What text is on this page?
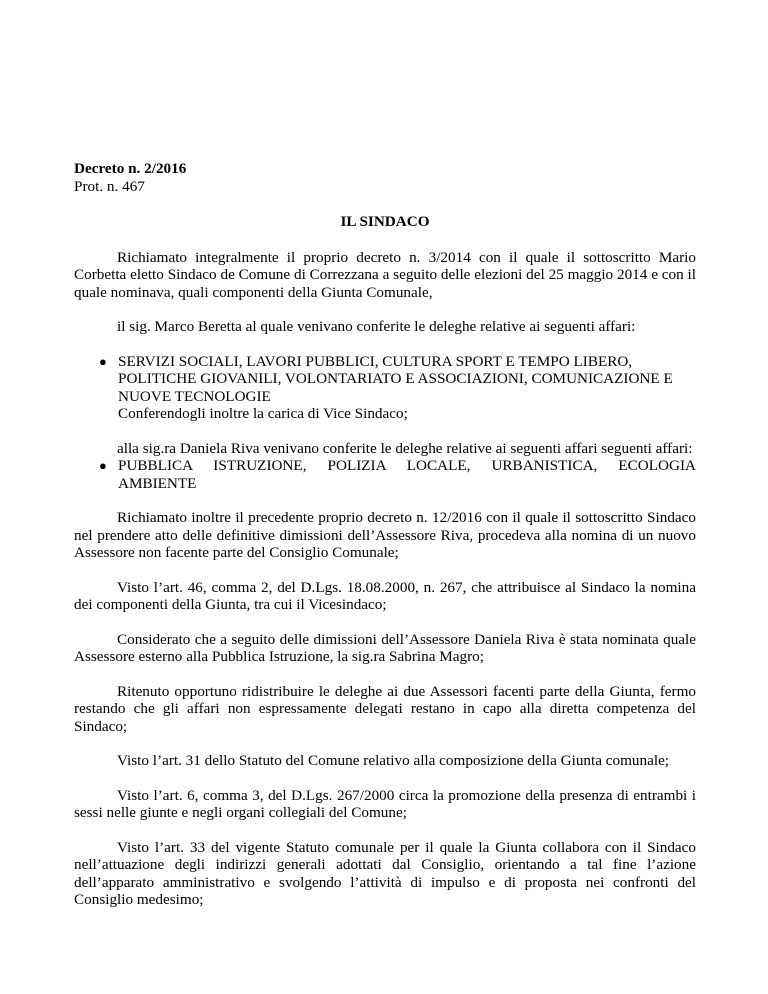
Decreto n. 2/2016
Prot. n. 467
IL SINDACO

Richiamato integralmente il proprio decreto n. 3/2014 con il quale il sottoscritto Mario Corbetta eletto Sindaco de Comune di Correzzana a seguito delle elezioni del 25 maggio 2014 e con il quale nominava, quali componenti della Giunta Comunale,

il sig. Marco Beretta al quale venivano conferite le deleghe relative ai seguenti affari:

● SERVIZI SOCIALI, LAVORI PUBBLICI, CULTURA SPORT E TEMPO LIBERO,
POLITICHE GIOVANILI, VOLONTARIATO E ASSOCIAZIONI, COMUNICAZIONE E
NUOVE TECNOLOGIE
Conferendogli inoltre la carica di Vice Sindaco;

alla sig.ra Daniela Riva venivano conferite le deleghe relative ai seguenti affari seguenti affari:

● PUBBLICA ISTRUZIONE, POLIZIA LOCALE, URBANISTICA, ECOLOGIA
AMBIENTE

Richiamato inoltre il precedente proprio decreto n. 12/2016 con il quale il sottoscritto Sindaco nel prendere atto delle definitive dimissioni dell’Assessore Riva, procedeva alla nomina di un nuovo Assessore non facente parte del Consiglio Comunale;

Visto l’art. 46, comma 2, del D.Lgs. 18.08.2000, n. 267, che attribuisce al Sindaco la nomina dei componenti della Giunta, tra cui il Vicesindaco;

Considerato che a seguito delle dimissioni dell’Assessore Daniela Riva è stata nominata quale Assessore esterno alla Pubblica Istruzione, la sig.ra Sabrina Magro;

Ritenuto opportuno ridistribuire le deleghe ai due Assessori facenti parte della Giunta, fermo restando che gli affari non espressamente delegati restano in capo alla diretta competenza del Sindaco;

Visto l’art. 31 dello Statuto del Comune relativo alla composizione della Giunta comunale;

Visto l’art. 6, comma 3, del D.Lgs. 267/2000 circa la promozione della presenza di entrambi i sessi nelle giunte e negli organi collegiali del Comune;

Visto l’art. 33 del vigente Statuto comunale per il quale la Giunta collabora con il Sindaco nell’attuazione degli indirizzi generali adottati dal Consiglio, orientando a tal fine l’azione dell’apparato amministrativo e svolgendo l’attività di impulso e di proposta nei confronti del Consiglio medesimo;
